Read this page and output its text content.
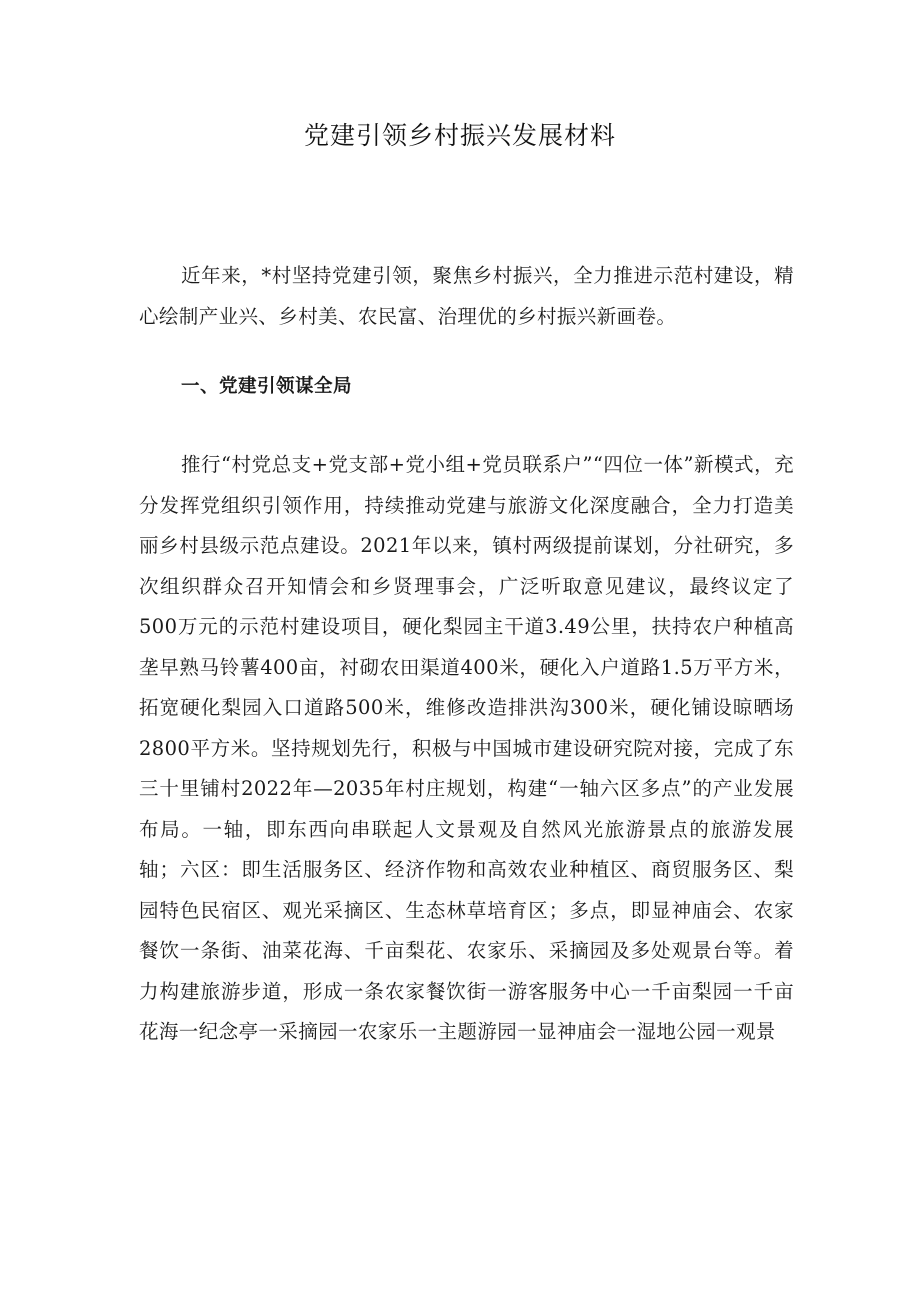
党建引领乡村振兴发展材料

近年来，*村坚持党建引领，聚焦乡村振兴，全力推进示范村建设，精心绘制产业兴、乡村美、农民富、治理优的乡村振兴新画卷。

一、党建引领谋全局

推行“村党总支+党支部+党小组+党员联系户”“四位一体”新模式，充分发挥党组织引领作用，持续推动党建与旅游文化深度融合，全力打造美丽乡村县级示范点建设。2021年以来，镇村两级提前谋划，分社研究，多次组织群众召开知情会和乡贤理事会，广泛听取意见建议，最终议定了500万元的示范村建设项目，硬化梨园主干道3.49公里，扶持农户种植高垄早熟马铃薯400亩，衬砌农田渠道400米，硬化入户道路1.5万平方米，拓宽硬化梨园入口道路500米，维修改造排洪沟300米，硬化铺设晾晒场2800平方米。坚持规划先行，积极与中国城市建设研究院对接，完成了东三十里铺村2022年—2035年村庄规划，构建“一轴六区多点”的产业发展布局。一轴，即东西向串联起人文景观及自然风光旅游景点的旅游发展轴；六区：即生活服务区、经济作物和高效农业种植区、商贸服务区、梨园特色民宿区、观光采摘区、生态林草培育区；多点，即显神庙会、农家餐饮一条街、油菜花海、千亩梨花、农家乐、采摘园及多处观景台等。着力构建旅游步道，形成一条农家餐饮街一游客服务中心一千亩梨园一千亩花海一纪念亭一采摘园一农家乐一主题游园一显神庙会一湿地公园一观景
